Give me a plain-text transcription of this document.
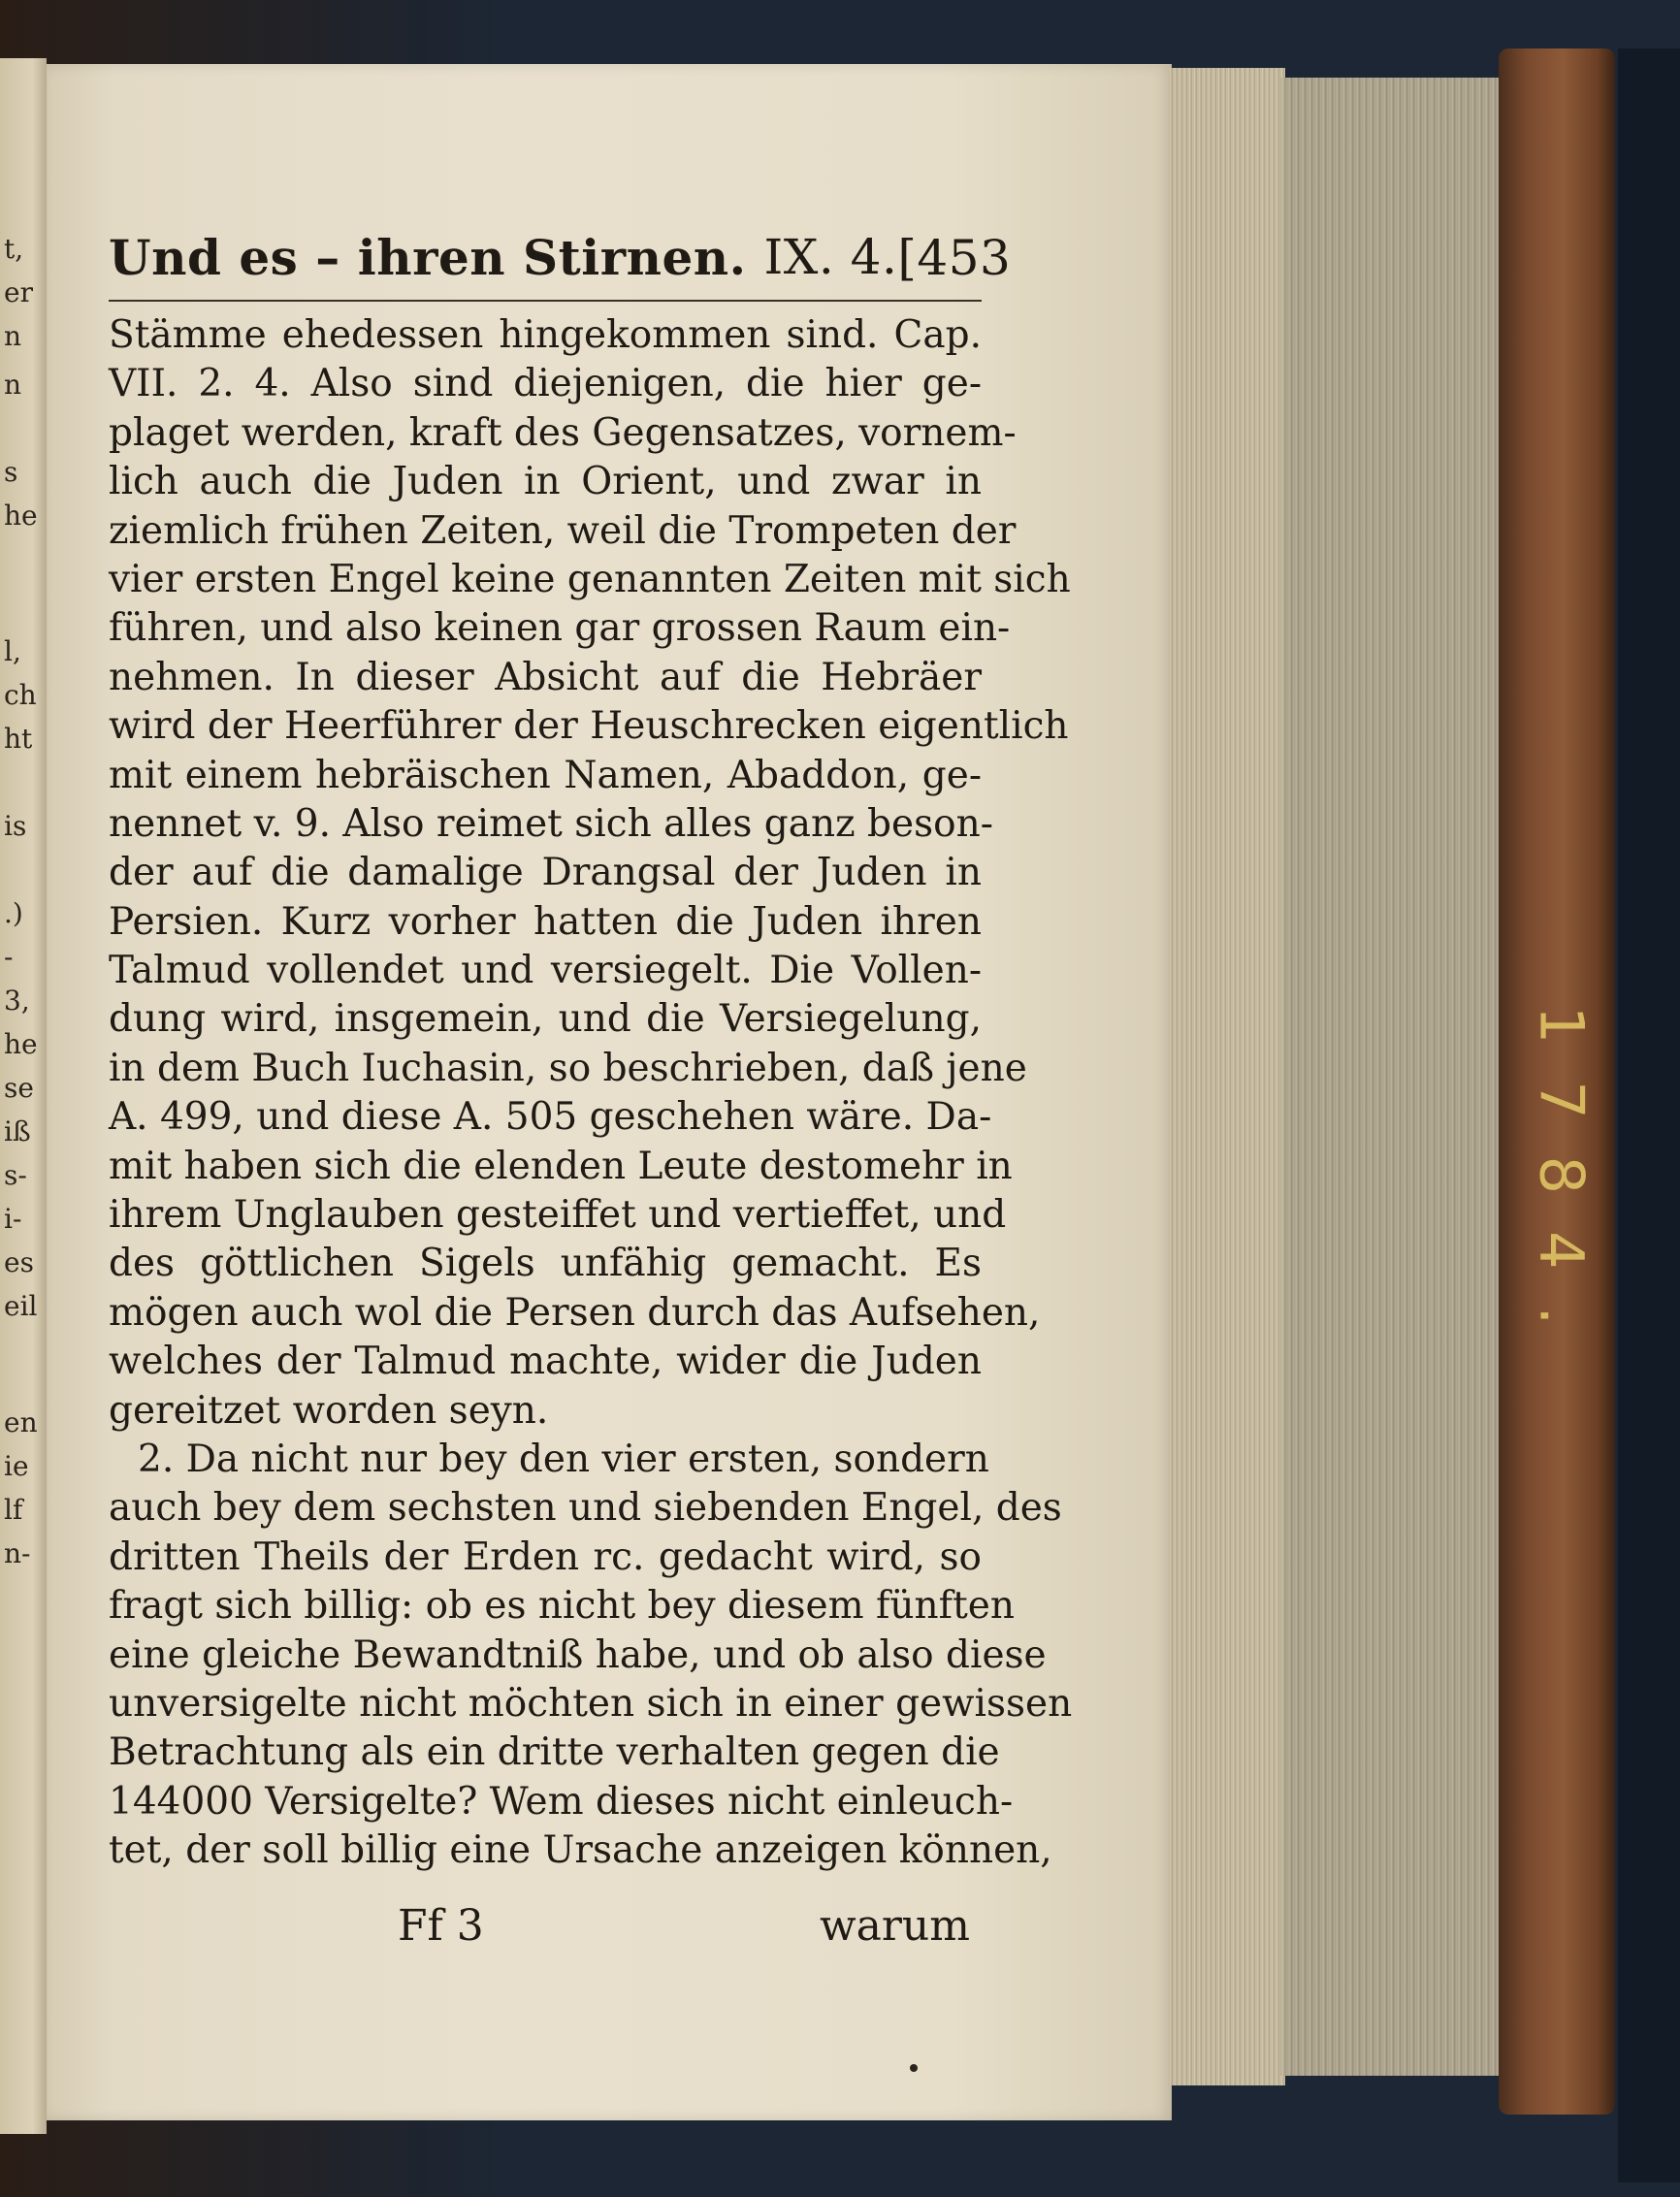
t,
er
n
n
s
he
l,
ch
ht
is
.)
-
3,
he
se
iß
s-
i-
es
eil
en
ie
lf
n-
1784.
Und es – ihren Stirnen. IX. 4. [453
Stämme ehedessen hingekommen sind. Cap.
VII. 2. 4. Also sind diejenigen, die hier ge-
plaget werden, kraft des Gegensatzes, vornem-
lich auch die Juden in Orient, und zwar in
ziemlich frühen Zeiten, weil die Trompeten der
vier ersten Engel keine genannten Zeiten mit sich
führen, und also keinen gar grossen Raum ein-
nehmen. In dieser Absicht auf die Hebräer
wird der Heerführer der Heuschrecken eigentlich
mit einem hebräischen Namen, Abaddon, ge-
nennet v. 9. Also reimet sich alles ganz beson-
der auf die damalige Drangsal der Juden in
Persien. Kurz vorher hatten die Juden ihren
Talmud vollendet und versiegelt. Die Vollen-
dung wird, insgemein, und die Versiegelung,
in dem Buch Iuchasin, so beschrieben, daß jene
A. 499, und diese A. 505 geschehen wäre. Da-
mit haben sich die elenden Leute destomehr in
ihrem Unglauben gesteiffet und vertieffet, und
des göttlichen Sigels unfähig gemacht. Es
mögen auch wol die Persen durch das Aufsehen,
welches der Talmud machte, wider die Juden
gereitzet worden seyn.
2. Da nicht nur bey den vier ersten, sondern
auch bey dem sechsten und siebenden Engel, des
dritten Theils der Erden rc. gedacht wird, so
fragt sich billig: ob es nicht bey diesem fünften
eine gleiche Bewandtniß habe, und ob also diese
unversigelte nicht möchten sich in einer gewissen
Betrachtung als ein dritte verhalten gegen die
144000 Versigelte? Wem dieses nicht einleuch-
tet, der soll billig eine Ursache anzeigen können,
Ff 3	warum
